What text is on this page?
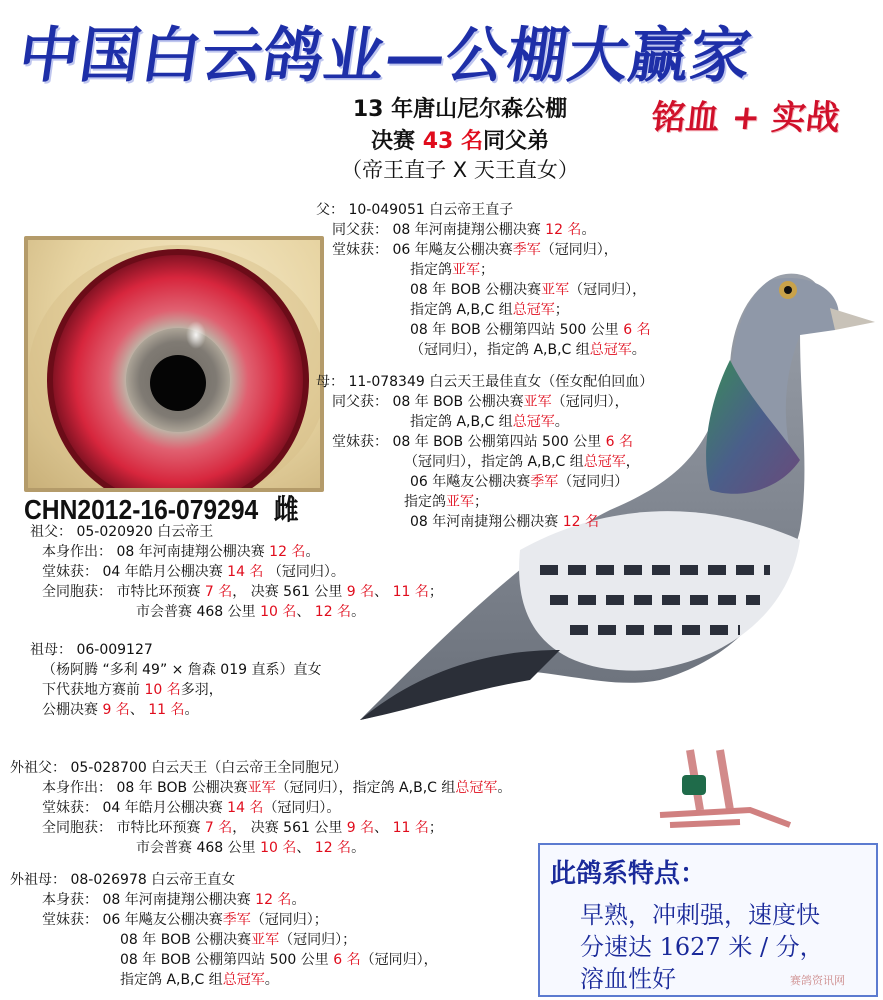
中国白云鸽业—公棚大赢家
13 年唐山尼尔森公棚
决赛 43 名同父弟
（帝王直子 X 天王直女）
铭血 + 实战
CHN2012-16-079294 雌
父： 10-049051 白云帝王直子
同父获： 08 年河南捷翔公棚决赛 12 名。
堂妹获： 06 年飚友公棚决赛季军（冠同归），
指定鸽亚军；
08 年 BOB 公棚决赛亚军（冠同归），
指定鸽 A,B,C 组总冠军；
08 年 BOB 公棚第四站 500 公里 6 名
（冠同归），指定鸽 A,B,C 组总冠军。
母： 11-078349 白云天王最佳直女（侄女配伯回血）
同父获： 08 年 BOB 公棚决赛亚军（冠同归），
指定鸽 A,B,C 组总冠军。
堂妹获： 08 年 BOB 公棚第四站 500 公里 6 名
（冠同归），指定鸽 A,B,C 组总冠军，
06 年飚友公棚决赛季军（冠同归）
指定鸽亚军；
08 年河南捷翔公棚决赛 12 名
祖父： 05-020920 白云帝王
本身作出： 08 年河南捷翔公棚决赛 12 名。
堂妹获： 04 年皓月公棚决赛 14 名 （冠同归）。
全同胞获： 市特比环预赛 7 名， 决赛 561 公里 9 名、 11 名；
市会普赛 468 公里 10 名、 12 名。
祖母： 06-009127
（杨阿腾 “多利 49” × 詹森 019 直系）直女
下代获地方赛前 10 名多羽，
公棚决赛 9 名、 11 名。
外祖父： 05-028700 白云天王（白云帝王全同胞兄）
本身作出： 08 年 BOB 公棚决赛亚军（冠同归），指定鸽 A,B,C 组总冠军。
堂妹获： 04 年皓月公棚决赛 14 名（冠同归）。
全同胞获： 市特比环预赛 7 名， 决赛 561 公里 9 名、 11 名；
市会普赛 468 公里 10 名、 12 名。
外祖母： 08-026978 白云帝王直女
本身获： 08 年河南捷翔公棚决赛 12 名。
堂妹获： 06 年飚友公棚决赛季军（冠同归）；
08 年 BOB 公棚决赛亚军（冠同归）；
08 年 BOB 公棚第四站 500 公里 6 名（冠同归），
指定鸽 A,B,C 组总冠军。
此鸽系特点：
早熟，冲刺强，速度快
分速达 1627 米 / 分，
溶血性好	赛鸽资讯网
